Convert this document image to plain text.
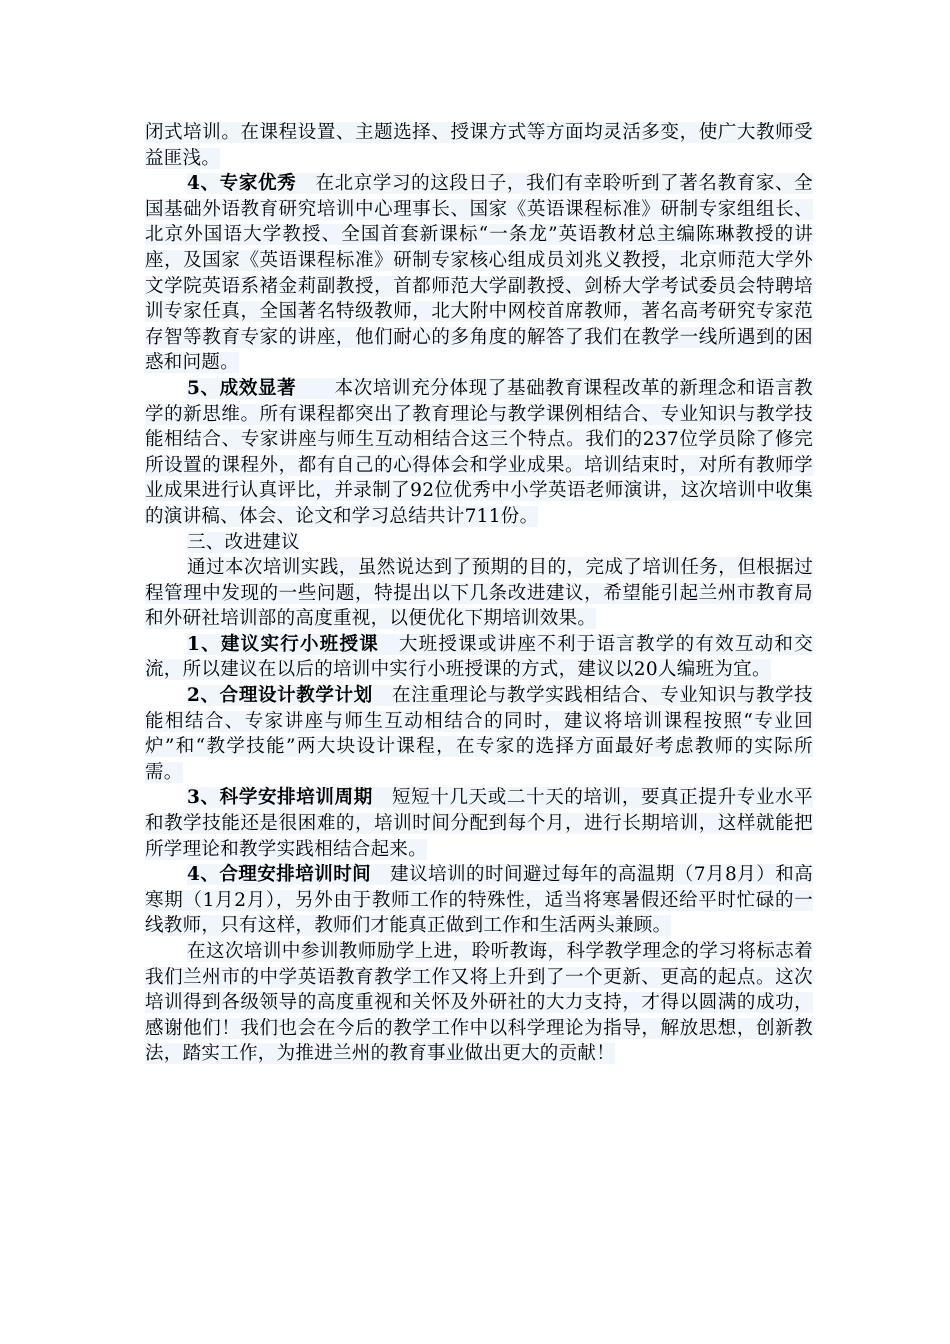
闭式培训。在课程设置、主题选择、授课方式等方面均灵活多变，使广大教师受益匪浅。

4、专家优秀　 在北京学习的这段日子，我们有幸聆听到了著名教育家、全国基础外语教育研究培训中心理事长、国家《英语课程标准》研制专家组组长、北京外国语大学教授、全国首套新课标“一条龙”英语教材总主编陈琳教授的讲座，及国家《英语课程标准》研制专家核心组成员刘兆义教授，北京师范大学外文学院英语系褚金莉副教授，首都师范大学副教授、剑桥大学考试委员会特聘培训专家任真，全国著名特级教师，北大附中网校首席教师，著名高考研究专家范存智等教育专家的讲座，他们耐心的多角度的解答了我们在教学一线所遇到的困惑和问题。

5、成效显著　　 本次培训充分体现了基础教育课程改革的新理念和语言教学的新思维。所有课程都突出了教育理论与教学课例相结合、专业知识与教学技能相结合、专家讲座与师生互动相结合这三个特点。我们的237位学员除了修完所设置的课程外，都有自己的心得体会和学业成果。培训结束时，对所有教师学业成果进行认真评比，并录制了92位优秀中小学英语老师演讲，这次培训中收集的演讲稿、体会、论文和学习总结共计711份。

三、改进建议

通过本次培训实践，虽然说达到了预期的目的，完成了培训任务，但根据过程管理中发现的一些问题，特提出以下几条改进建议，希望能引起兰州市教育局和外研社培训部的高度重视，以便优化下期培训效果。

1、建议实行小班授课　 大班授课或讲座不利于语言教学的有效互动和交流，所以建议在以后的培训中实行小班授课的方式，建议以20人编班为宜。

2、合理设计教学计划　 在注重理论与教学实践相结合、专业知识与教学技能相结合、专家讲座与师生互动相结合的同时，建议将培训课程按照“专业回炉”和“教学技能”两大块设计课程，在专家的选择方面最好考虑教师的实际所需。

3、科学安排培训周期　 短短十几天或二十天的培训，要真正提升专业水平和教学技能还是很困难的，培训时间分配到每个月，进行长期培训，这样就能把所学理论和教学实践相结合起来。

4、合理安排培训时间　 建议培训的时间避过每年的高温期（7月8月）和高寒期（1月2月），另外由于教师工作的特殊性，适当将寒暑假还给平时忙碌的一线教师，只有这样，教师们才能真正做到工作和生活两头兼顾。

在这次培训中参训教师励学上进，聆听教诲，科学教学理念的学习将标志着我们兰州市的中学英语教育教学工作又将上升到了一个更新、更高的起点。这次培训得到各级领导的高度重视和关怀及外研社的大力支持，才得以圆满的成功，感谢他们！我们也会在今后的教学工作中以科学理论为指导，解放思想，创新教法，踏实工作，为推进兰州的教育事业做出更大的贡献！
